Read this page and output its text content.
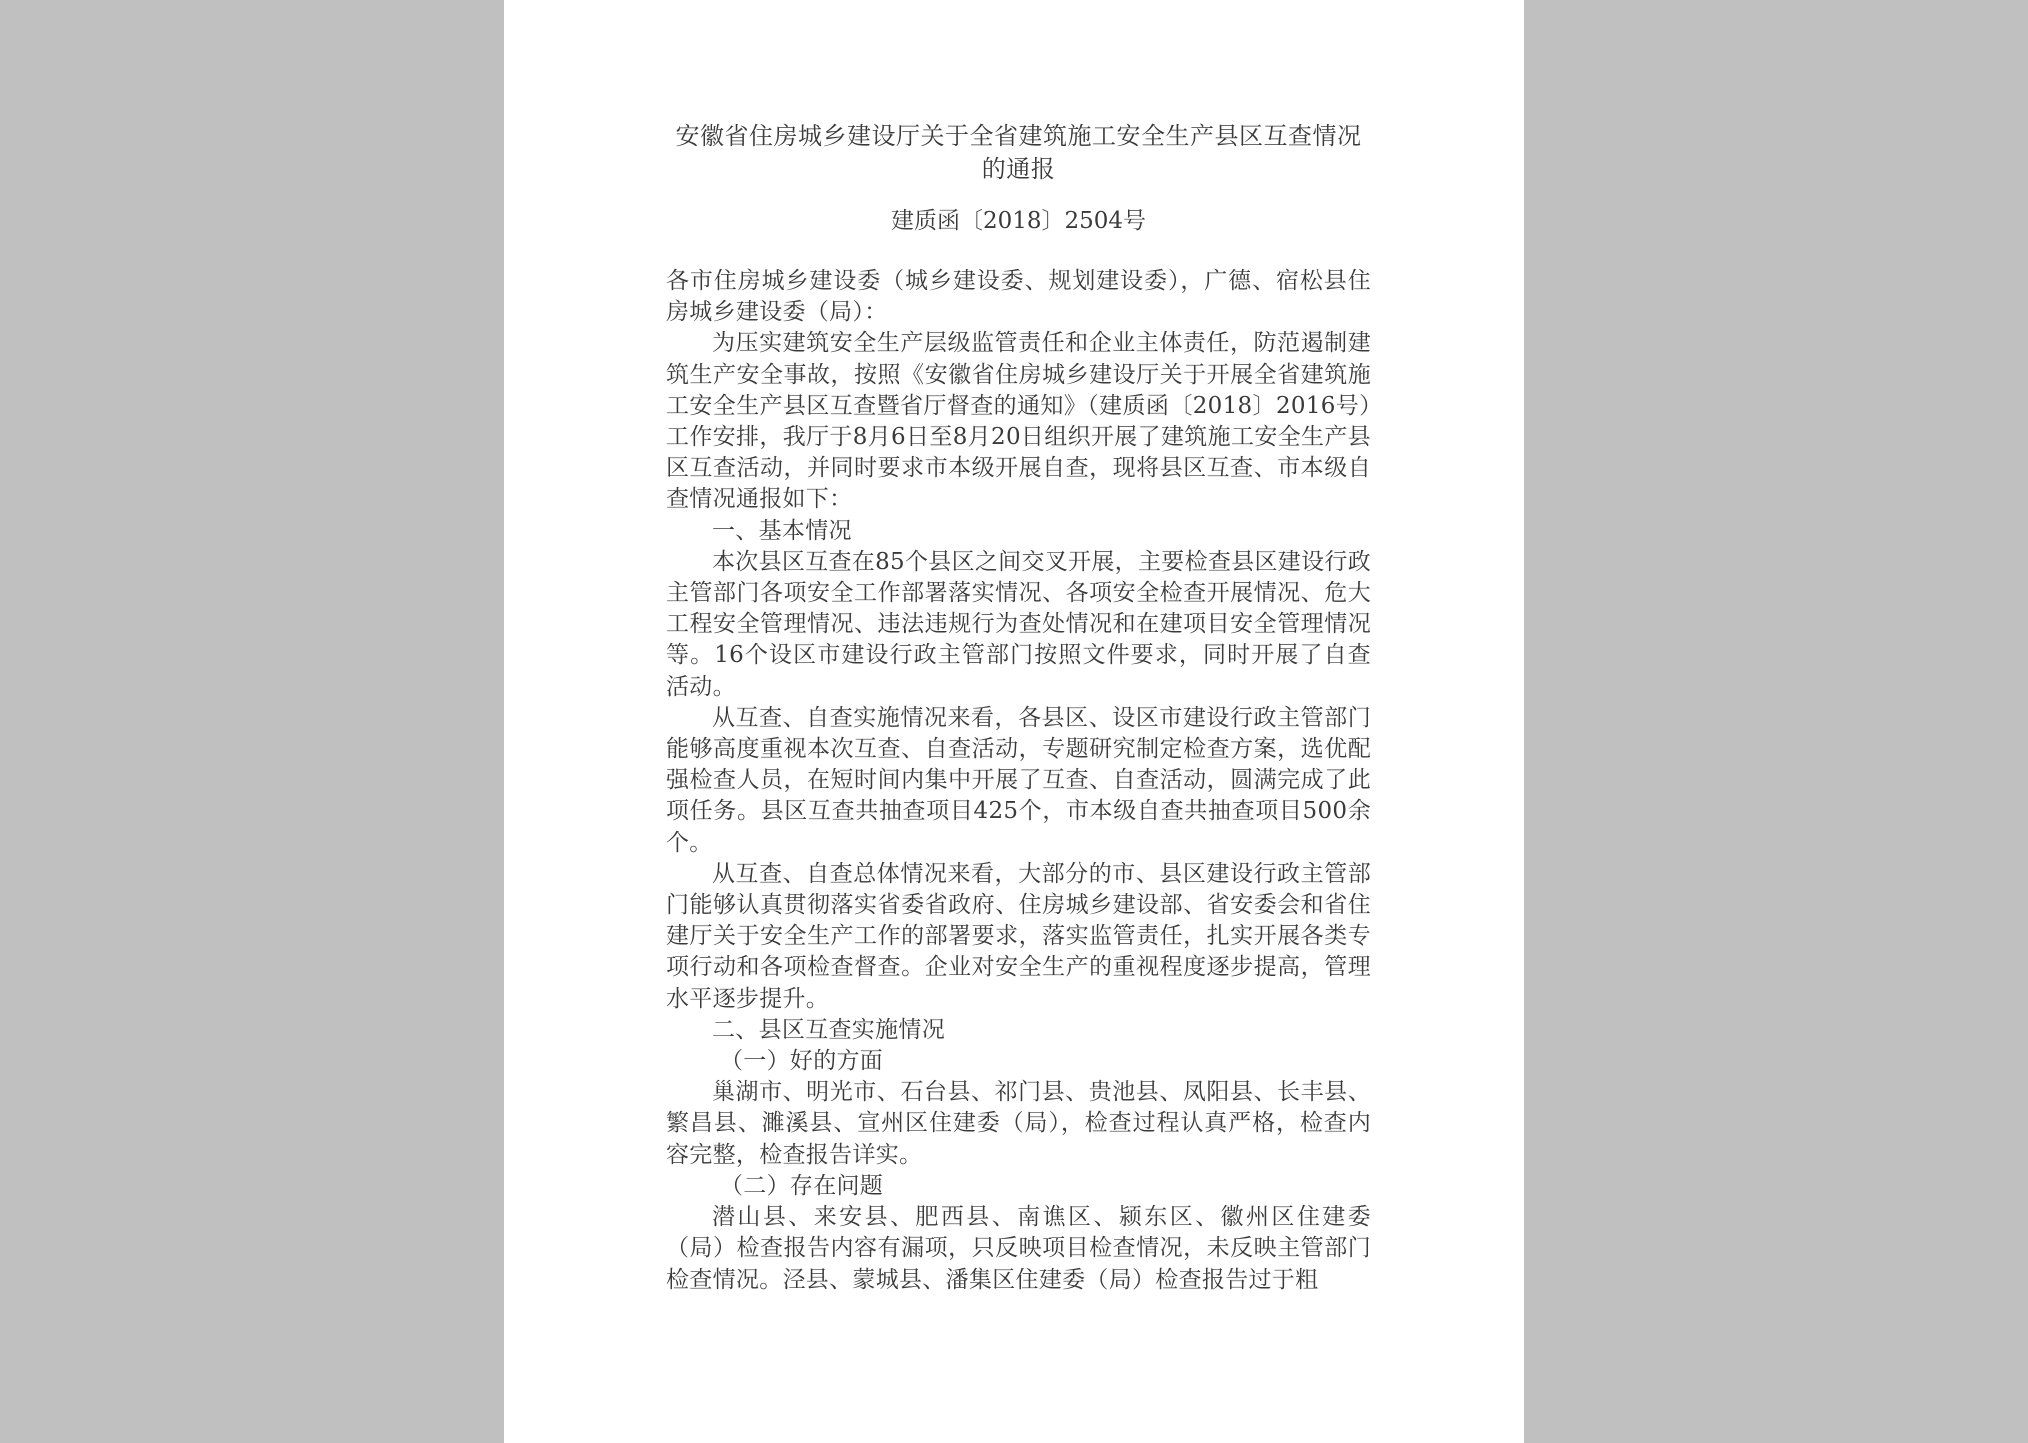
安徽省住房城乡建设厅关于全省建筑施工安全生产县区互查情况的通报
建质函〔2018〕2504号

各市住房城乡建设委（城乡建设委、规划建设委），广德、宿松县住房城乡建设委（局）：

为压实建筑安全生产层级监管责任和企业主体责任，防范遏制建筑生产安全事故，按照《安徽省住房城乡建设厅关于开展全省建筑施工安全生产县区互查暨省厅督查的通知》（建质函〔2018〕2016号）工作安排，我厅于8月6日至8月20日组织开展了建筑施工安全生产县区互查活动，并同时要求市本级开展自查，现将县区互查、市本级自查情况通报如下：

一、基本情况

本次县区互查在85个县区之间交叉开展，主要检查县区建设行政主管部门各项安全工作部署落实情况、各项安全检查开展情况、危大工程安全管理情况、违法违规行为查处情况和在建项目安全管理情况等。16个设区市建设行政主管部门按照文件要求，同时开展了自查活动。

从互查、自查实施情况来看，各县区、设区市建设行政主管部门能够高度重视本次互查、自查活动，专题研究制定检查方案，选优配强检查人员，在短时间内集中开展了互查、自查活动，圆满完成了此项任务。县区互查共抽查项目425个，市本级自查共抽查项目500余个。

从互查、自查总体情况来看，大部分的市、县区建设行政主管部门能够认真贯彻落实省委省政府、住房城乡建设部、省安委会和省住建厅关于安全生产工作的部署要求，落实监管责任，扎实开展各类专项行动和各项检查督查。企业对安全生产的重视程度逐步提高，管理水平逐步提升。

二、县区互查实施情况

（一）好的方面

巢湖市、明光市、石台县、祁门县、贵池县、凤阳县、长丰县、繁昌县、濉溪县、宣州区住建委（局），检查过程认真严格，检查内容完整，检查报告详实。

（二）存在问题

潜山县、来安县、肥西县、南谯区、颍东区、徽州区住建委（局）检查报告内容有漏项，只反映项目检查情况，未反映主管部门检查情况。泾县、蒙城县、潘集区住建委（局）检查报告过于粗
